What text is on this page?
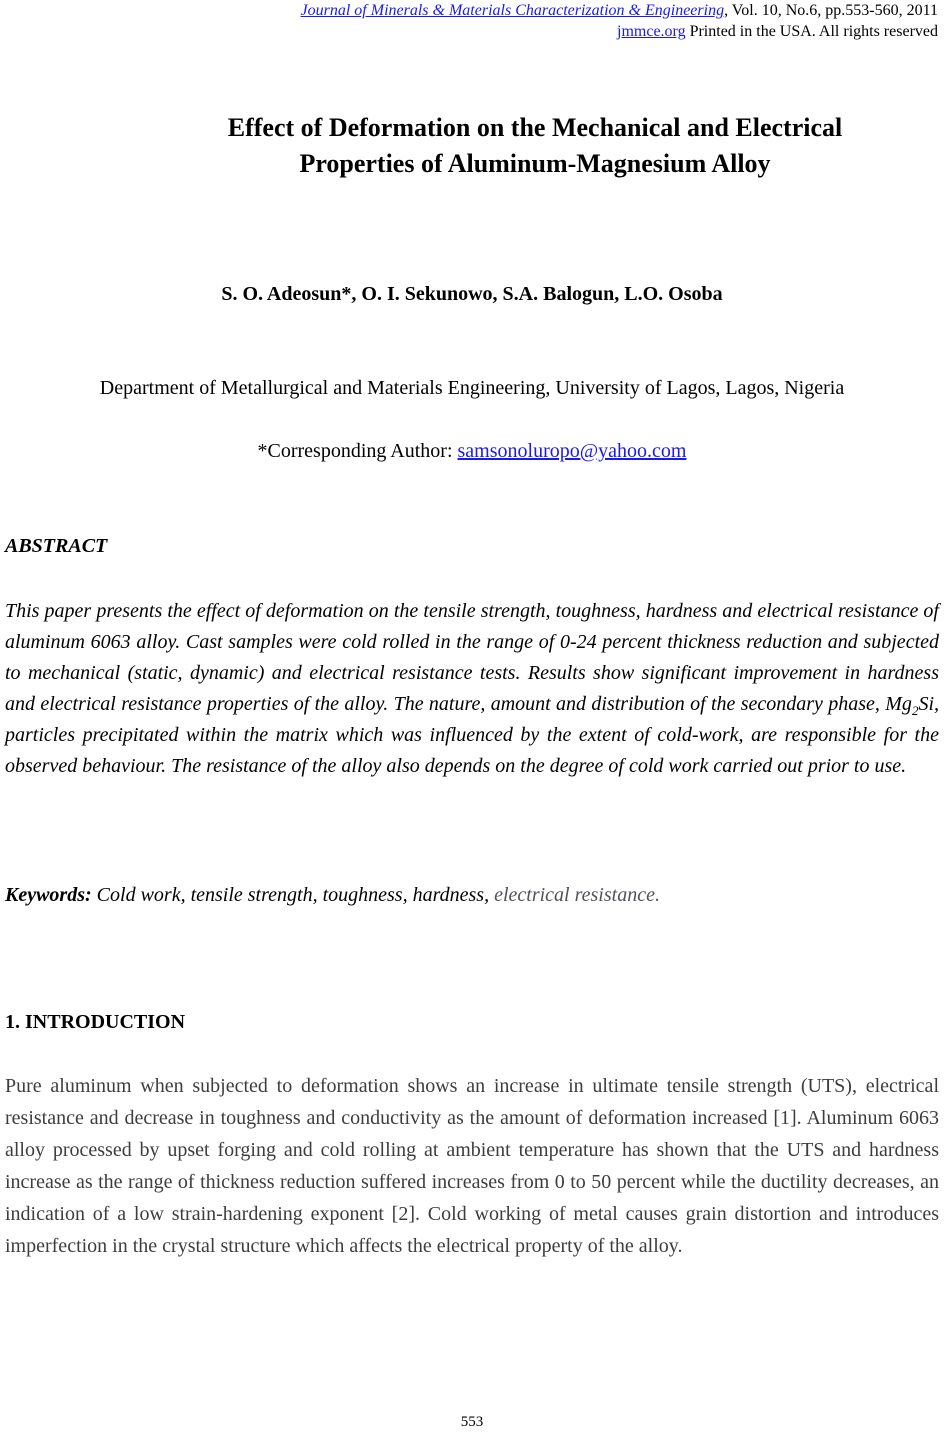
Journal of Minerals & Materials Characterization & Engineering, Vol. 10, No.6, pp.553-560, 2011
jmmce.org Printed in the USA. All rights reserved
Effect of Deformation on the Mechanical and Electrical
Properties of Aluminum-Magnesium Alloy
S. O. Adeosun*, O. I. Sekunowo, S.A. Balogun, L.O. Osoba
Department of Metallurgical and Materials Engineering, University of Lagos, Lagos, Nigeria
*Corresponding Author: samsonoluropo@yahoo.com
ABSTRACT

This paper presents the effect of deformation on the tensile strength, toughness, hardness and electrical resistance of aluminum 6063 alloy. Cast samples were cold rolled in the range of 0-24 percent thickness reduction and subjected to mechanical (static, dynamic) and electrical resistance tests. Results show significant improvement in hardness and electrical resistance properties of the alloy. The nature, amount and distribution of the secondary phase, $Mg_2Si$, particles precipitated within the matrix which was influenced by the extent of cold-work, are responsible for the observed behaviour. The resistance of the alloy also depends on the degree of cold work carried out prior to use.

Keywords: Cold work, tensile strength, toughness, hardness, electrical resistance.
1. INTRODUCTION

Pure aluminum when subjected to deformation shows an increase in ultimate tensile strength (UTS), electrical resistance and decrease in toughness and conductivity as the amount of deformation increased [1]. Aluminum 6063 alloy processed by upset forging and cold rolling at ambient temperature has shown that the UTS and hardness increase as the range of thickness reduction suffered increases from 0 to 50 percent while the ductility decreases, an indication of a low strain-hardening exponent [2]. Cold working of metal causes grain distortion and introduces imperfection in the crystal structure which affects the electrical property of the alloy.

553
